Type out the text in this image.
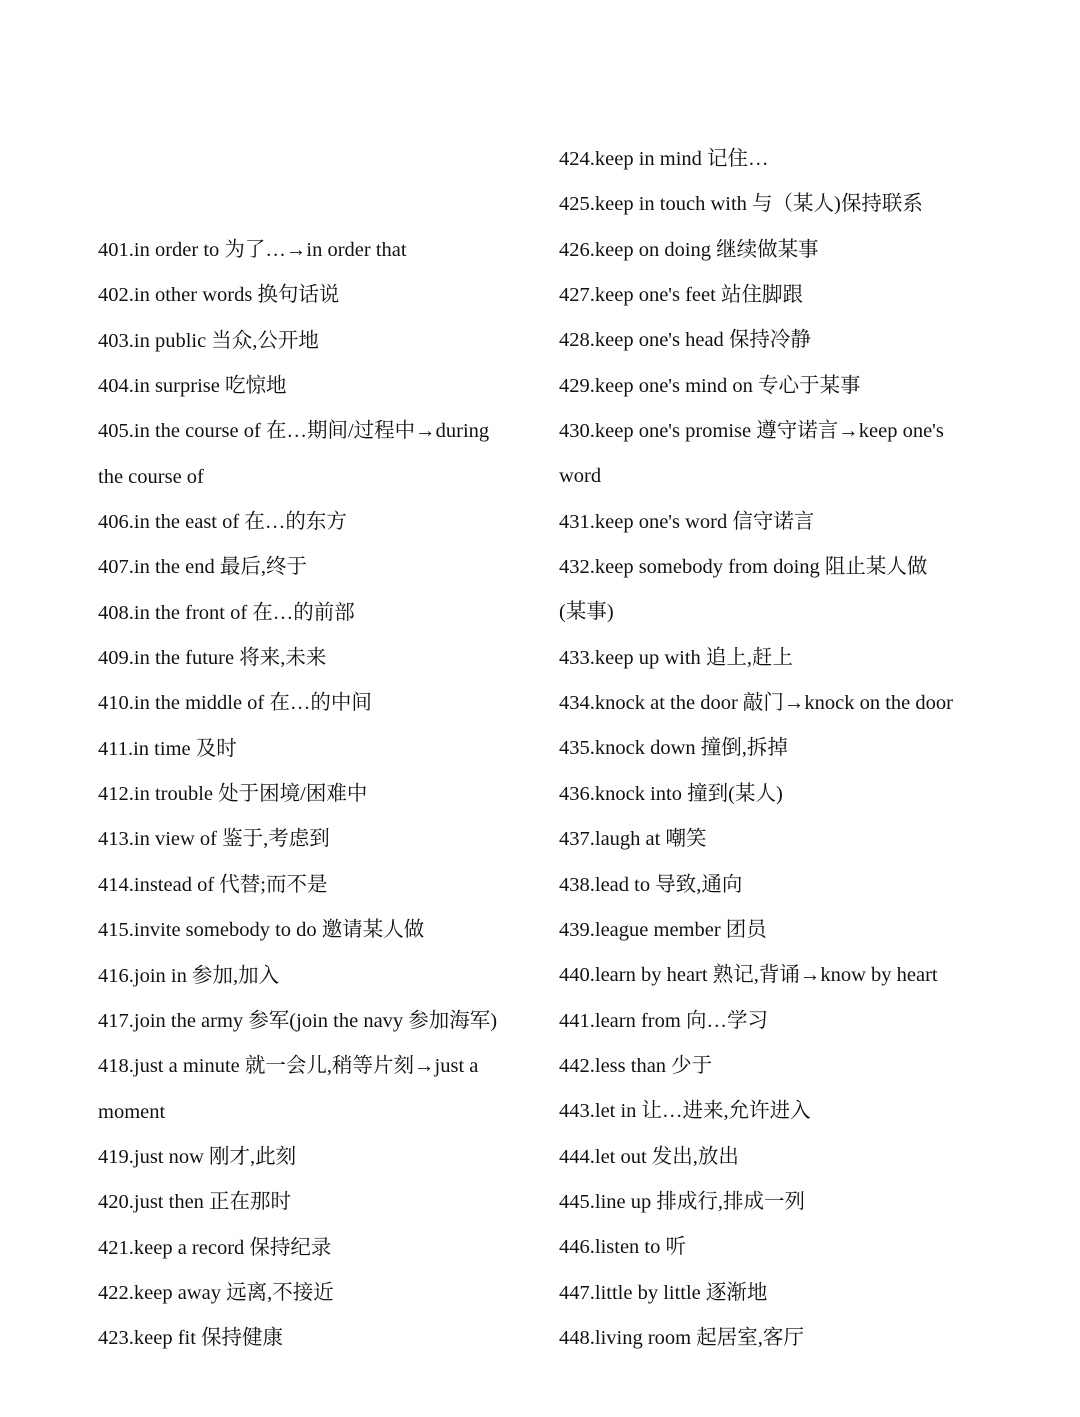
401.in order to 为了…→in order that
402.in other words 换句话说
403.in public 当众,公开地
404.in surprise 吃惊地
405.in the course of 在…期间/过程中→during
the course of
406.in the east of 在…的东方
407.in the end 最后,终于
408.in the front of 在…的前部
409.in the future 将来,未来
410.in the middle of 在…的中间
411.in time 及时
412.in trouble 处于困境/困难中
413.in view of 鉴于,考虑到
414.instead of 代替;而不是
415.invite somebody to do 邀请某人做
416.join in 参加,加入
417.join the army 参军(join the navy 参加海军)
418.just a minute 就一会儿,稍等片刻→just a
moment
419.just now 刚才,此刻
420.just then 正在那时
421.keep a record 保持纪录
422.keep away 远离,不接近
423.keep fit 保持健康
424.keep in mind 记住…
425.keep in touch with 与（某人)保持联系
426.keep on doing 继续做某事
427.keep one's feet 站住脚跟
428.keep one's head 保持冷静
429.keep one's mind on 专心于某事
430.keep one's promise 遵守诺言→keep one's
word
431.keep one's word 信守诺言
432.keep somebody from doing 阻止某人做
(某事)
433.keep up with 追上,赶上
434.knock at the door 敲门→knock on the door
435.knock down 撞倒,拆掉
436.knock into 撞到(某人)
437.laugh at 嘲笑
438.lead to 导致,通向
439.league member 团员
440.learn by heart 熟记,背诵→know by heart
441.learn from 向…学习
442.less than 少于
443.let in 让…进来,允许进入
444.let out 发出,放出
445.line up 排成行,排成一列
446.listen to 听
447.little by little 逐渐地
448.living room 起居室,客厅
